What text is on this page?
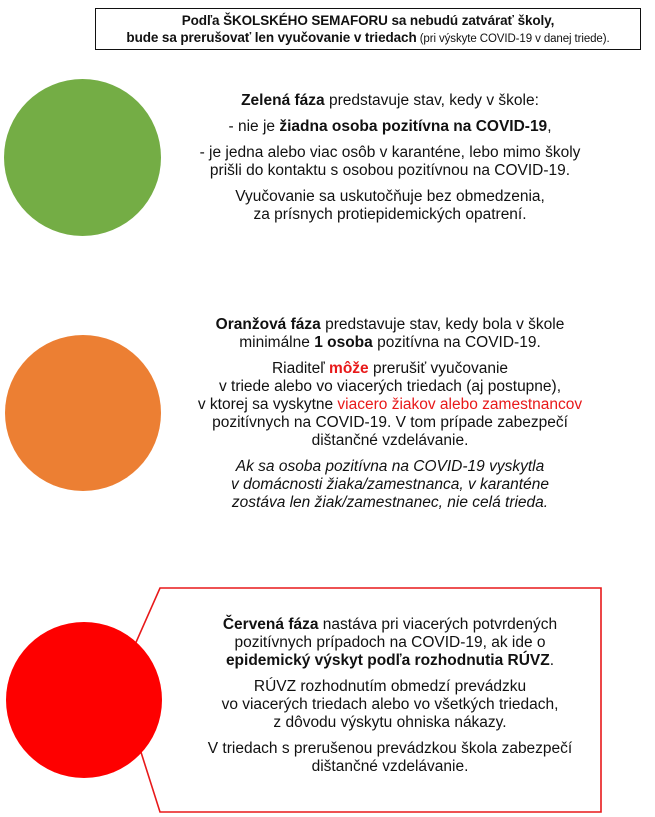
Podľa ŠKOLSKÉHO SEMAFORU sa nebudú zatvárať školy,
bude sa prerušovať len vyučovanie v triedach (pri výskyte COVID-19 v danej triede).

Zelená fáza predstavuje stav, kedy v škole:

- nie je žiadna osoba pozitívna na COVID-19,

- je jedna alebo viac osôb v karanténe, lebo mimo školy

prišli do kontaktu s osobou pozitívnou na COVID-19.

Vyučovanie sa uskutočňuje bez obmedzenia,

za prísnych protiepidemických opatrení.

Oranžová fáza predstavuje stav, kedy bola v škole

minimálne 1 osoba pozitívna na COVID-19.

Riaditeľ môže prerušiť vyučovanie

v triede alebo vo viacerých triedach (aj postupne),

v ktorej sa vyskytne viacero žiakov alebo zamestnancov

pozitívnych na COVID-19. V tom prípade zabezpečí

dištančné vzdelávanie.

Ak sa osoba pozitívna na COVID-19 vyskytla

v domácnosti žiaka/zamestnanca, v karanténe

zostáva len žiak/zamestnanec, nie celá trieda.

Červená fáza nastáva pri viacerých potvrdených

pozitívnych prípadoch na COVID-19, ak ide o

epidemický výskyt podľa rozhodnutia RÚVZ.

RÚVZ rozhodnutím obmedzí prevádzku

vo viacerých triedach alebo vo všetkých triedach,

z dôvodu výskytu ohniska nákazy.

V triedach s prerušenou prevádzkou škola zabezpečí

dištančné vzdelávanie.
